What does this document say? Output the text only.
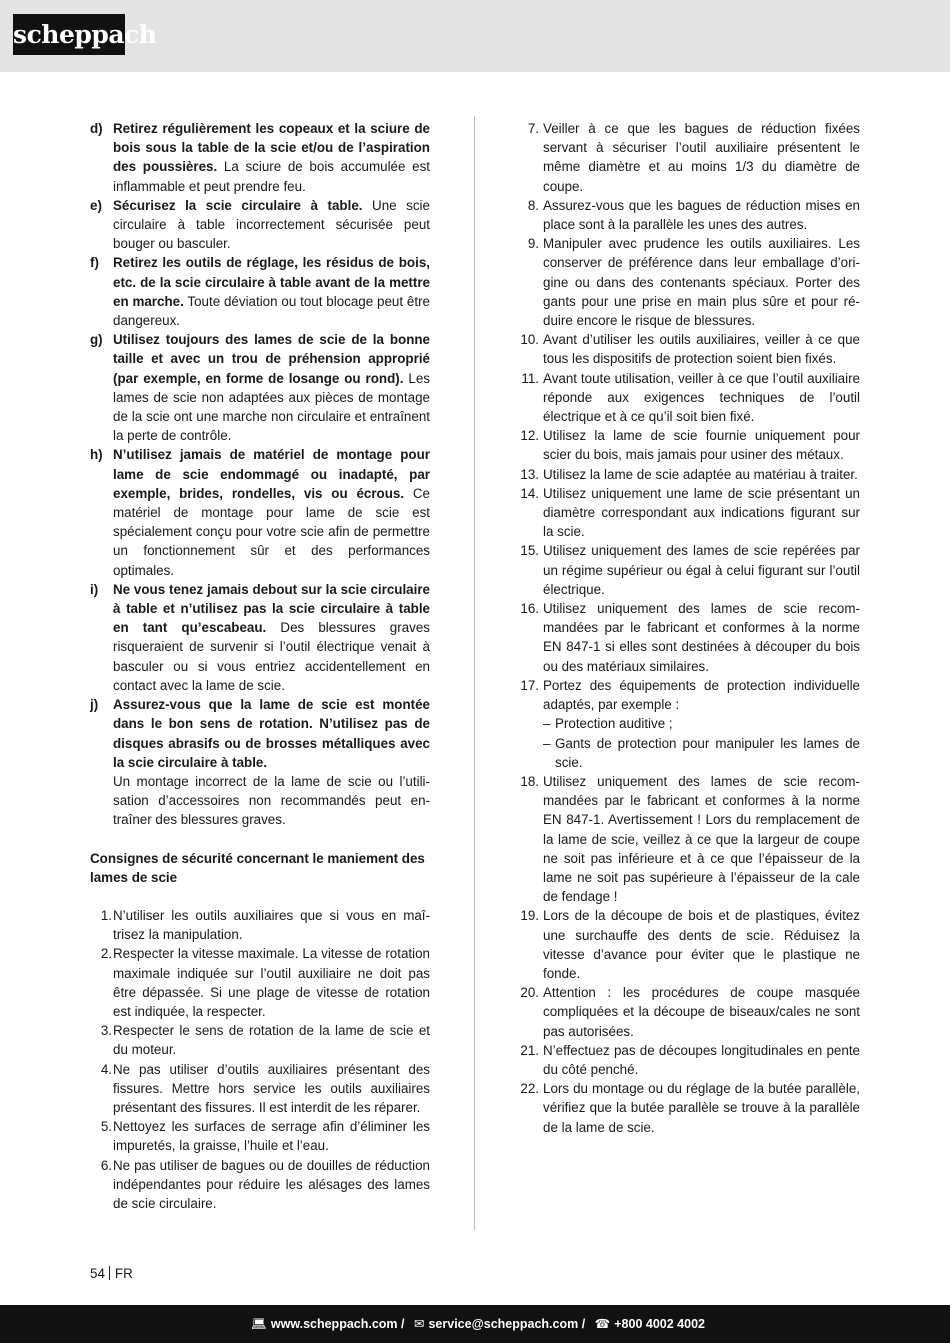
scheppach
d) Retirez régulièrement les copeaux et la sciure de bois sous la table de la scie et/ou de l’aspiration des poussières. La sciure de bois accumulée est inflammable et peut prendre feu.
e) Sécurisez la scie circulaire à table. Une scie circulaire à table incorrectement sécurisée peut bouger ou basculer.
f)	Retirez les outils de réglage, les résidus de bois, etc. de la scie circulaire à table avant de la mettre en marche. Toute déviation ou tout blocage peut être dangereux.
g) Utilisez toujours des lames de scie de la bonne taille et avec un trou de préhension approprié (par exemple, en forme de losange ou rond). Les lames de scie non adaptées aux pièces de montage de la scie ont une marche non circulaire et entraînent la perte de contrôle.
h) N’utilisez jamais de matériel de montage pour lame de scie endommagé ou inadapté, par exemple, brides, rondelles, vis ou écrous. Ce matériel de montage pour lame de scie est spécialement conçu pour votre scie afin de permettre un fonctionnement sûr et des performances optimales.
i)	Ne vous tenez jamais debout sur la scie circulaire à table et n’utilisez pas la scie circulaire à table en tant qu’escabeau. Des blessures graves risqueraient de survenir si l’outil électrique venait à basculer ou si vous entriez accidentellement en contact avec la lame de scie.
j)	Assurez-vous que la lame de scie est montée dans le bon sens de rotation. N’utilisez pas de disques abrasifs ou de brosses métalliques avec la scie circulaire à table.
Un montage incorrect de la lame de scie ou l’utilisation d’accessoires non recommandés peut entraîner des blessures graves.
Consignes de sécurité concernant le maniement des lames de scie
1. N’utiliser les outils auxiliaires que si vous en maîtrisez la manipulation.
2. Respecter la vitesse maximale. La vitesse de rotation maximale indiquée sur l’outil auxiliaire ne doit pas être dépassée. Si une plage de vitesse de rotation est indiquée, la respecter.
3. Respecter le sens de rotation de la lame de scie et du moteur.
4. Ne pas utiliser d’outils auxiliaires présentant des fissures. Mettre hors service les outils auxiliaires présentant des fissures. Il est interdit de les réparer.
5. Nettoyez les surfaces de serrage afin d’éliminer les impuretés, la graisse, l’huile et l’eau.
6. Ne pas utiliser de bagues ou de douilles de réduction indépendantes pour réduire les alésages des lames de scie circulaire.
7. Veiller à ce que les bagues de réduction fixées servant à sécuriser l’outil auxiliaire présentent le même diamètre et au moins 1/3 du diamètre de coupe.
8. Assurez-vous que les bagues de réduction mises en place sont à la parallèle les unes des autres.
9. Manipuler avec prudence les outils auxiliaires. Les conserver de préférence dans leur emballage d’origine ou dans des contenants spéciaux. Porter des gants pour une prise en main plus sûre et pour réduire encore le risque de blessures.
10. Avant d’utiliser les outils auxiliaires, veiller à ce que tous les dispositifs de protection soient bien fixés.
11. Avant toute utilisation, veiller à ce que l’outil auxiliaire réponde aux exigences techniques de l’outil électrique et à ce qu’il soit bien fixé.
12. Utilisez la lame de scie fournie uniquement pour scier du bois, mais jamais pour usiner des métaux.
13. Utilisez la lame de scie adaptée au matériau à traiter.
14. Utilisez uniquement une lame de scie présentant un diamètre correspondant aux indications figurant sur la scie.
15. Utilisez uniquement des lames de scie repérées par un régime supérieur ou égal à celui figurant sur l’outil électrique.
16. Utilisez uniquement des lames de scie recommandées par le fabricant et conformes à la norme EN 847-1 si elles sont destinées à découper du bois ou des matériaux similaires.
17. Portez des équipements de protection individuelle adaptés, par exemple :
– Protection auditive ;
– Gants de protection pour manipuler les lames de scie.
18. Utilisez uniquement des lames de scie recommandées par le fabricant et conformes à la norme EN 847-1. Avertissement ! Lors du remplacement de la lame de scie, veillez à ce que la largeur de coupe ne soit pas inférieure et à ce que l’épaisseur de la lame ne soit pas supérieure à l’épaisseur de la cale de fendage !
19. Lors de la découpe de bois et de plastiques, évitez une surchauffe des dents de scie. Réduisez la vitesse d’avance pour éviter que le plastique ne fonde.
20. Attention : les procédures de coupe masquée compliquées et la découpe de biseaux/cales ne sont pas autorisées.
21. N’effectuez pas de découpes longitudinales en pente du côté penché.
22. Lors du montage ou du réglage de la butée parallèle, vérifiez que la butée parallèle se trouve à la parallèle de la lame de scie.
54 FR
💻︎ www.scheppach.com / ✉︎ service@scheppach.com / ☎︎ +800 4002 4002
